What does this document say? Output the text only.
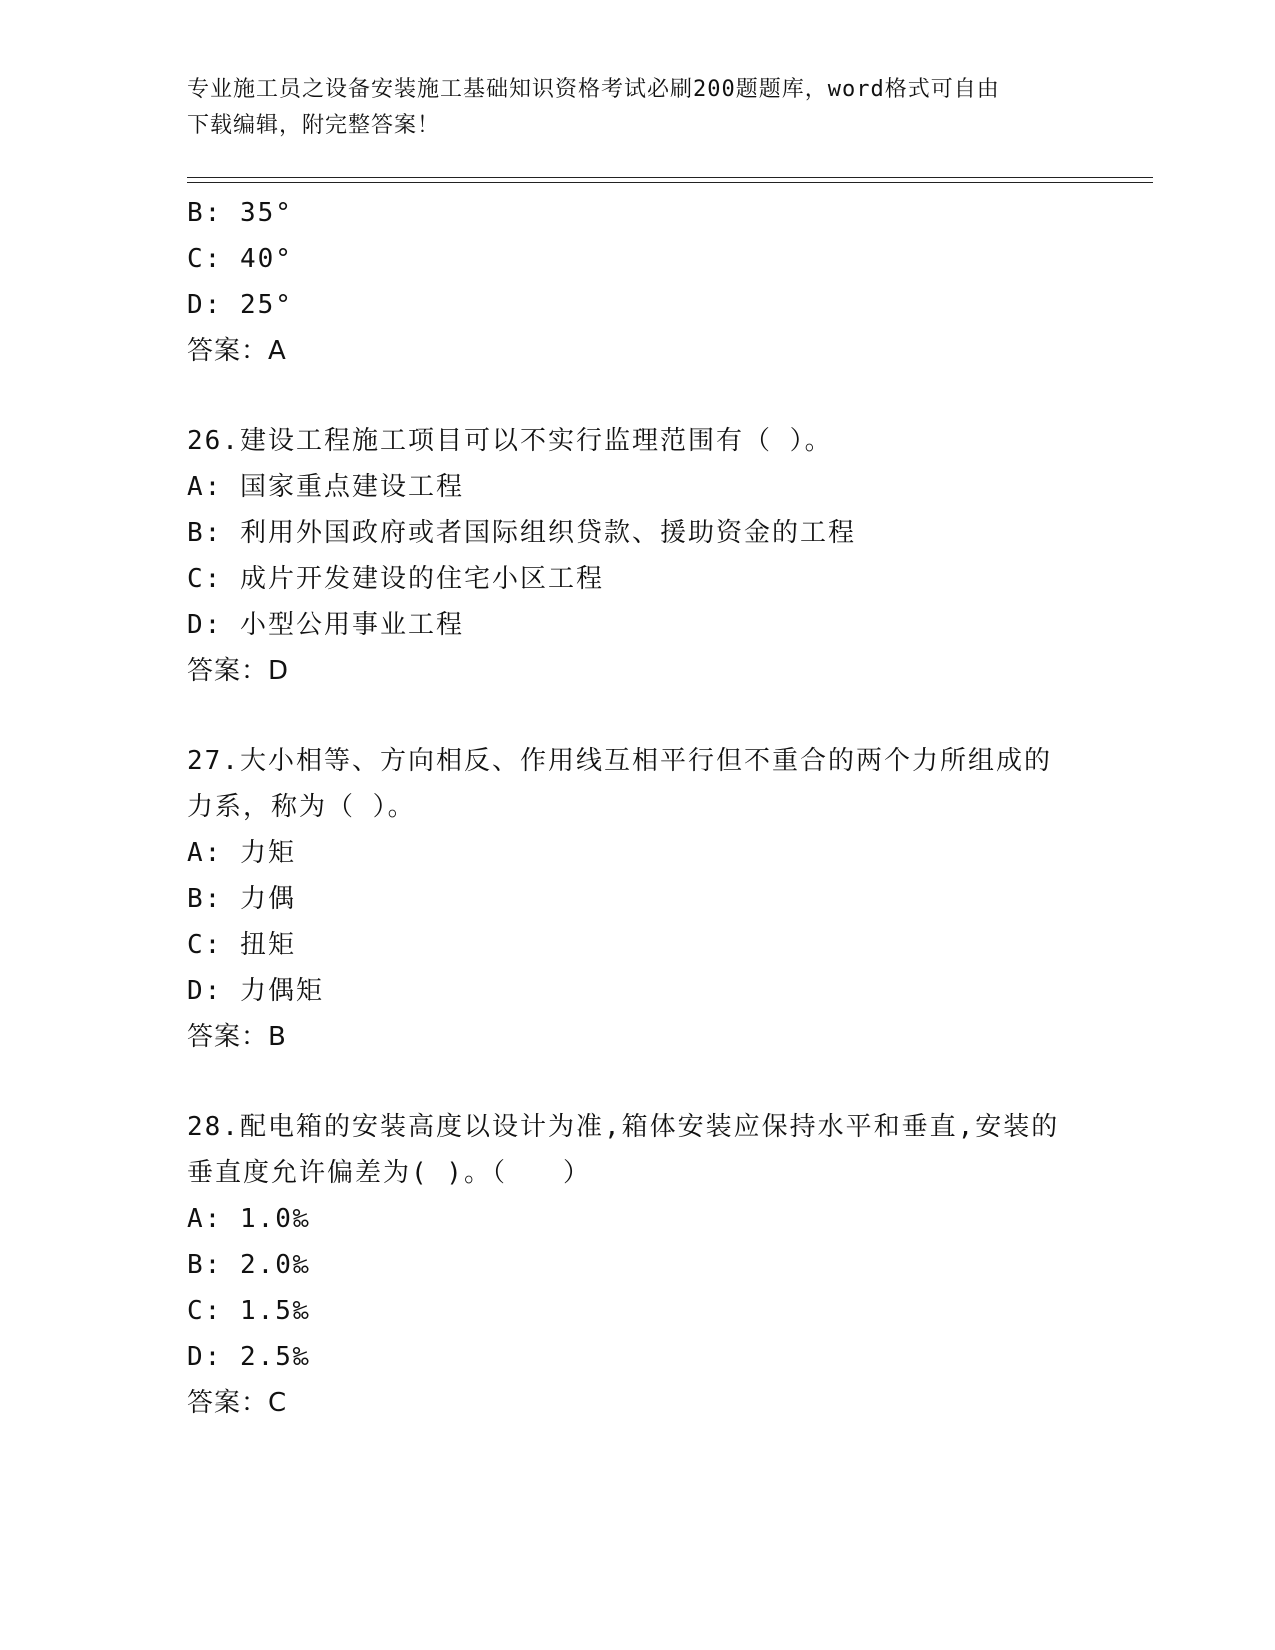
专业施工员之设备安装施工基础知识资格考试必刷200题题库，word格式可自由
下载编辑，附完整答案！
B: 35°
C: 40°
D: 25°
答案：A
26.建设工程施工项目可以不实行监理范围有（ ）。
A: 国家重点建设工程
B: 利用外国政府或者国际组织贷款、援助资金的工程
C: 成片开发建设的住宅小区工程
D: 小型公用事业工程
答案：D
27.大小相等、方向相反、作用线互相平行但不重合的两个力所组成的
力系，称为（ ）。
A: 力矩
B: 力偶
C: 扭矩
D: 力偶矩
答案：B
28.配电箱的安装高度以设计为准,箱体安装应保持水平和垂直,安装的
垂直度允许偏差为( )。（　　）
A: 1.0‰
B: 2.0‰
C: 1.5‰
D: 2.5‰
答案：C
